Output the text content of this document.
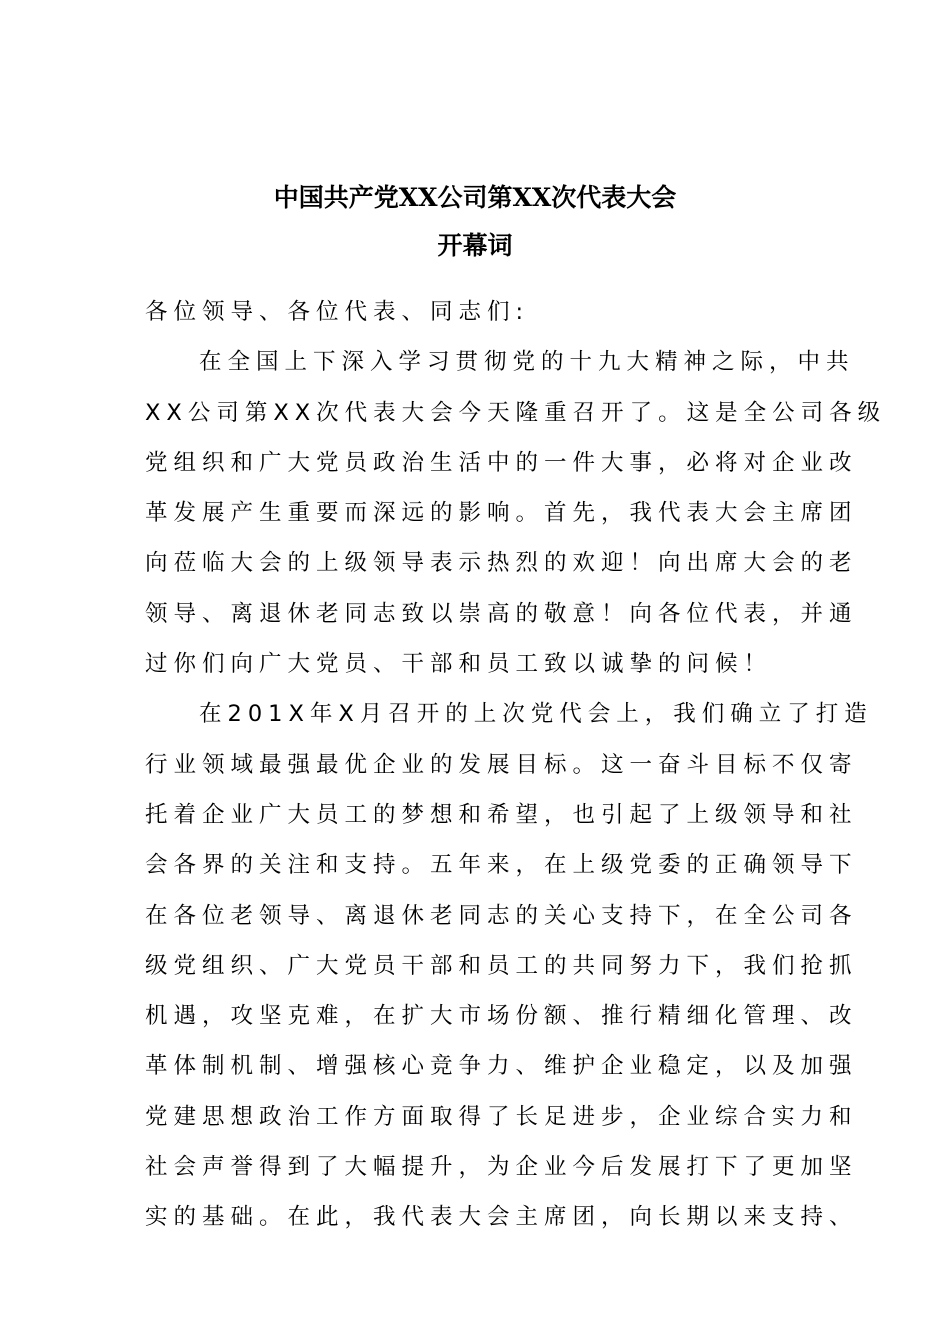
中国共产党XX公司第XX次代表大会
开幕词
各位领导、各位代表、同志们:
在全国上下深入学习贯彻党的十九大精神之际，中共
XX公司第XX次代表大会今天隆重召开了。这是全公司各级
党组织和广大党员政治生活中的一件大事，必将对企业改
革发展产生重要而深远的影响。首先，我代表大会主席团
向莅临大会的上级领导表示热烈的欢迎！向出席大会的老
领导、离退休老同志致以崇高的敬意！向各位代表，并通
过你们向广大党员、干部和员工致以诚挚的问候！
在201X年X月召开的上次党代会上，我们确立了打造
行业领域最强最优企业的发展目标。这一奋斗目标不仅寄
托着企业广大员工的梦想和希望，也引起了上级领导和社
会各界的关注和支持。五年来，在上级党委的正确领导下
在各位老领导、离退休老同志的关心支持下，在全公司各
级党组织、广大党员干部和员工的共同努力下，我们抢抓
机遇，攻坚克难，在扩大市场份额、推行精细化管理、改
革体制机制、增强核心竞争力、维护企业稳定，以及加强
党建思想政治工作方面取得了长足进步，企业综合实力和
社会声誉得到了大幅提升，为企业今后发展打下了更加坚
实的基础。在此，我代表大会主席团，向长期以来支持、
